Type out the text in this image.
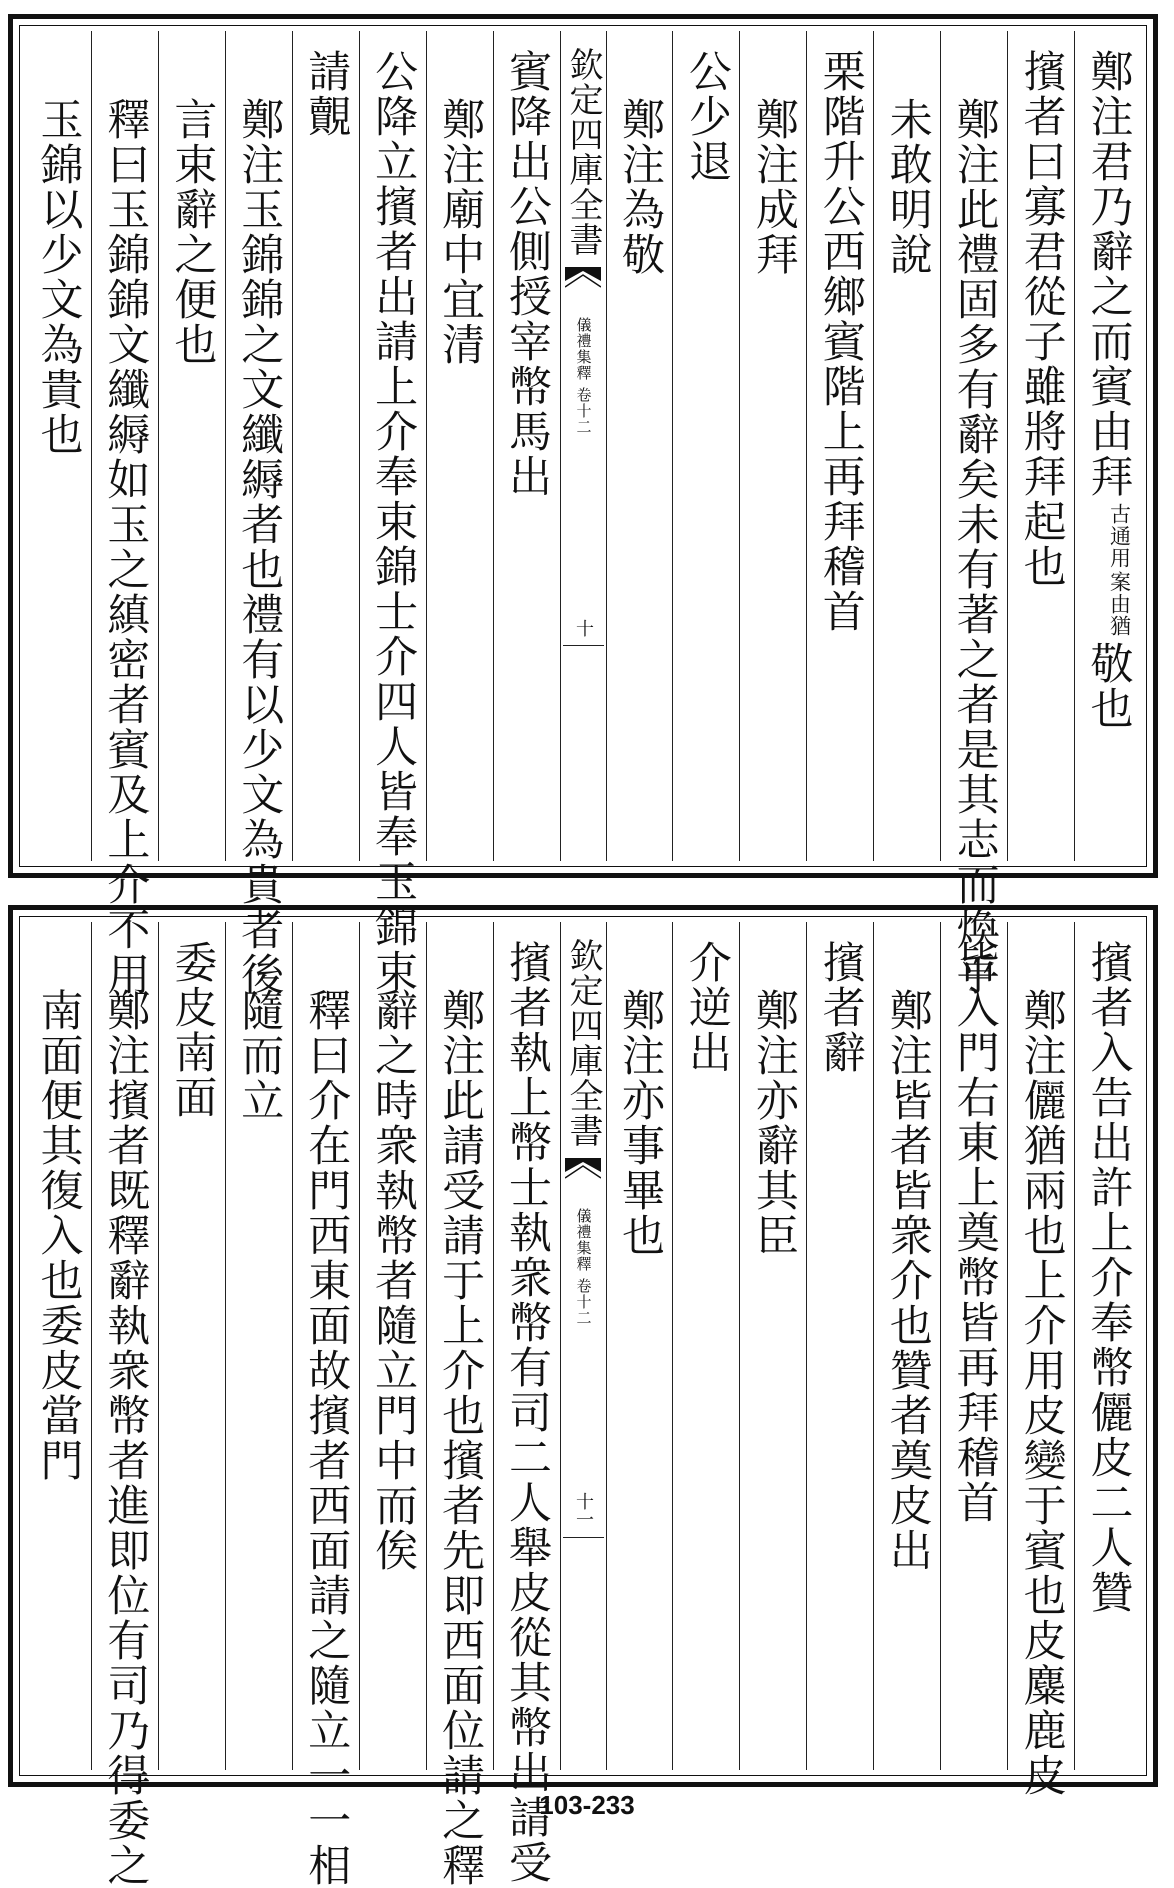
鄭注君乃辭之而賓由拜
案由猶
古通用
敬也
擯者曰寡君從子雖將拜起也
鄭注此禮固多有辭矣未有著之者是其志而煥乎
未敢明說
栗階升公西鄉賓階上再拜稽首
鄭注成拜
公少退
鄭注為敬
欽定四庫全書
儀禮集釋
卷十二
十
賓降出公側授宰幣馬出
鄭注廟中宜清
公降立擯者出請上介奉束錦士介四人皆奉玉錦束
請覿
鄭注玉錦錦之文纖縟者也禮有以少文為貴者後
言束辭之便也
釋曰玉錦錦文纖縟如玉之縝密者賓及上介不用
玉錦以少文為貴也
擯者入告出許上介奉幣儷皮二人贊
鄭注儷猶兩也上介用皮變于賓也皮麋鹿皮
皆入門右東上奠幣皆再拜稽首
鄭注皆者皆衆介也贊者奠皮出
擯者辭
鄭注亦辭其臣
介逆出
鄭注亦事畢也
欽定四庫全書
儀禮集釋
卷十二
十一
擯者執上幣士執衆幣有司二人舉皮從其幣出請受
鄭注此請受請于上介也擯者先即西面位請之釋
辭之時衆執幣者隨立門中而俟
釋曰介在門西東面故擯者西面請之隨立一一相
隨而立
委皮南面
鄭注擯者既釋辭執衆幣者進即位有司乃得委之
南面便其復入也委皮當門
103-233
